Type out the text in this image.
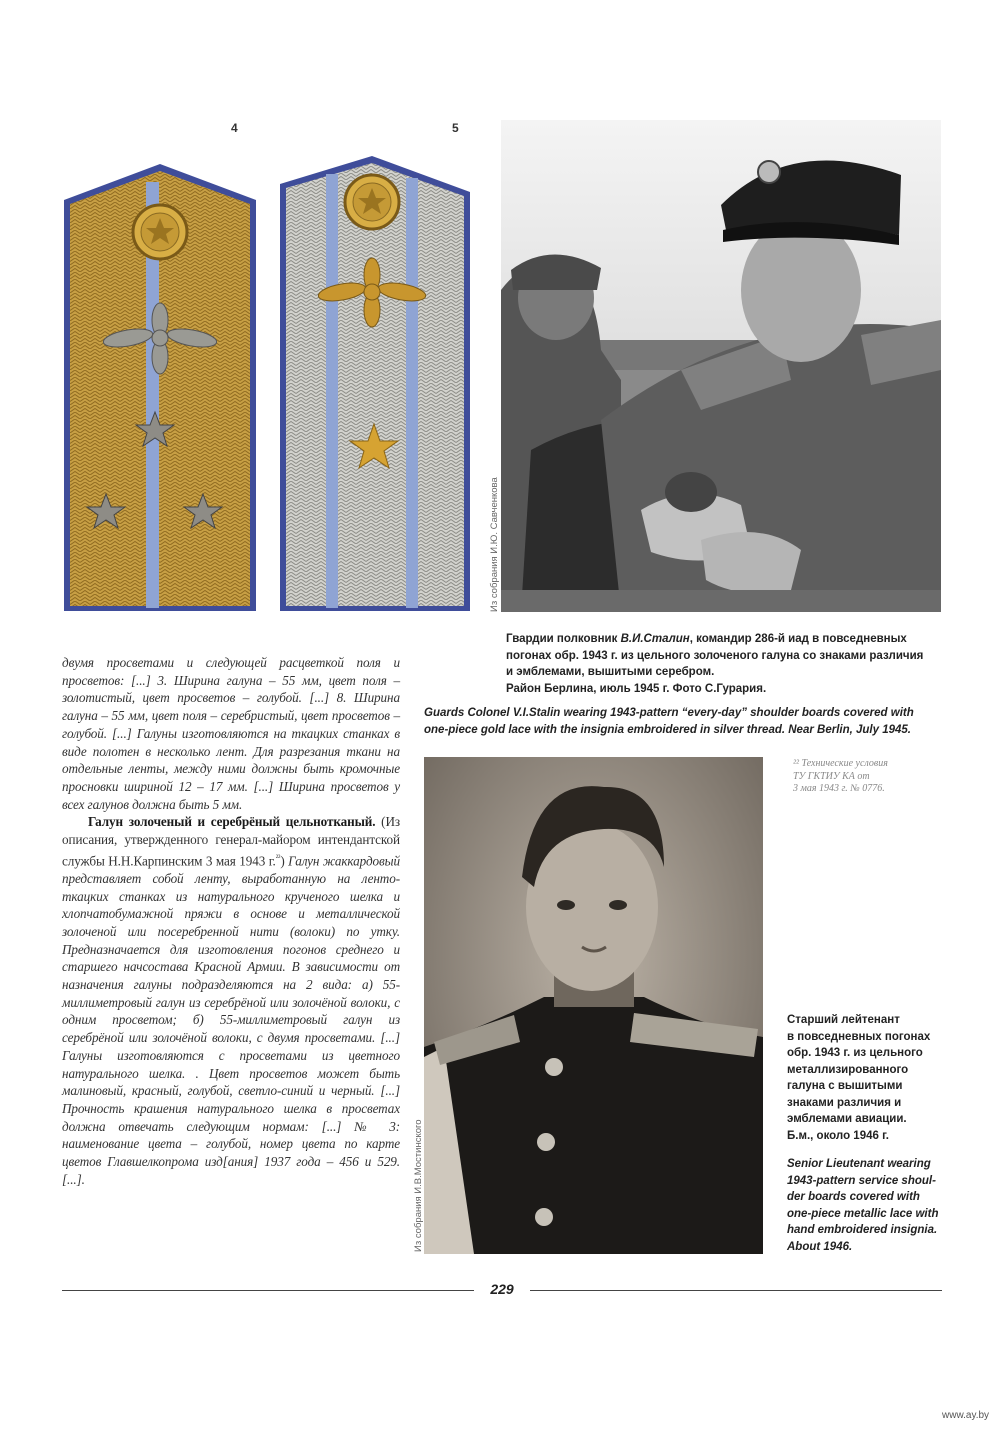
4	5
Из собрания И.Ю. Савченкова
Гвардии полковник В.И.Сталин, командир 286-й иад в повседневных
погонах обр. 1943 г. из цельного золоченого галуна со знаками различия
и эмблемами, вышитыми серебром.
Район Берлина, июль 1945 г. Фото С.Гурария.
Guards Colonel V.I.Stalin wearing 1943-pattern “every-day” shoulder boards covered with
one-piece gold lace with the insignia embroidered in silver thread. Near Berlin, July 1945.
²² Технические условия
ТУ ГКТИУ КА от
3 мая 1943 г. № 0776.
Из собрания И.В.Мостинского
Старший лейтенант
в повседневных погонах
обр. 1943 г. из цельного
металлизированного
галуна с вышитыми
знаками различия и
эмблемами авиации.
Б.м., около 1946 г.
Senior Lieutenant wearing
1943-pattern service shoul-
der boards covered with
one-piece metallic lace with
hand embroidered insignia.
About 1946.

двумя просветами и следующей расцветкой поля и просветов: [...] 3. Ширина галуна – 55 мм, цвет поля – золотистый, цвет просветов – голубой. [...] 8. Ширина галуна – 55 мм, цвет поля – серебристый, цвет просветов – голубой. [...] Галуны изготовляются на ткацких станках в виде полотен в несколько лент. Для разрезания ткани на отдельные ленты, между ними должны быть кромочные просновки шириной 12 – 17 мм. [...] Ширина просветов у всех галунов должна быть 5 мм.

Галун золоченый и серебрёный цельнотканый. (Из описания, утвержденного генерал-майором интендантской службы Н.Н.Карпинским 3 мая 1943 г.$^{^{22}}$) Галун жаккардовый представляет собой ленту, выработанную на ленто-ткацких станках из натурального крученого шелка и хлопчатобумажной пряжи в основе и металлической золоченой или посеребренной нити (волоки) по утку. Предназначается для изготовления погонов среднего и старшего начсостава Красной Армии. В зависимости от назначения галуны подразделяются на 2 вида: а) 55-миллиметровый галун из серебрёной или золочёной волоки, с одним просветом; б) 55-миллиметровый галун из серебрёной или золочёной волоки, с двумя просветами. [...] Галуны изготовляются с просветами из цветного натурального шелка. . Цвет просветов может быть малиновый, красный, голубой, светло-синий и черный. [...] Прочность крашения натурального шелка в просветах должна отвечать следующим нормам: [...] № 3: наименование цвета – голубой, номер цвета по карте цветов Главшелкопрома изд[ания] 1937 года – 456 и 529. [...].

229
www.ay.by
